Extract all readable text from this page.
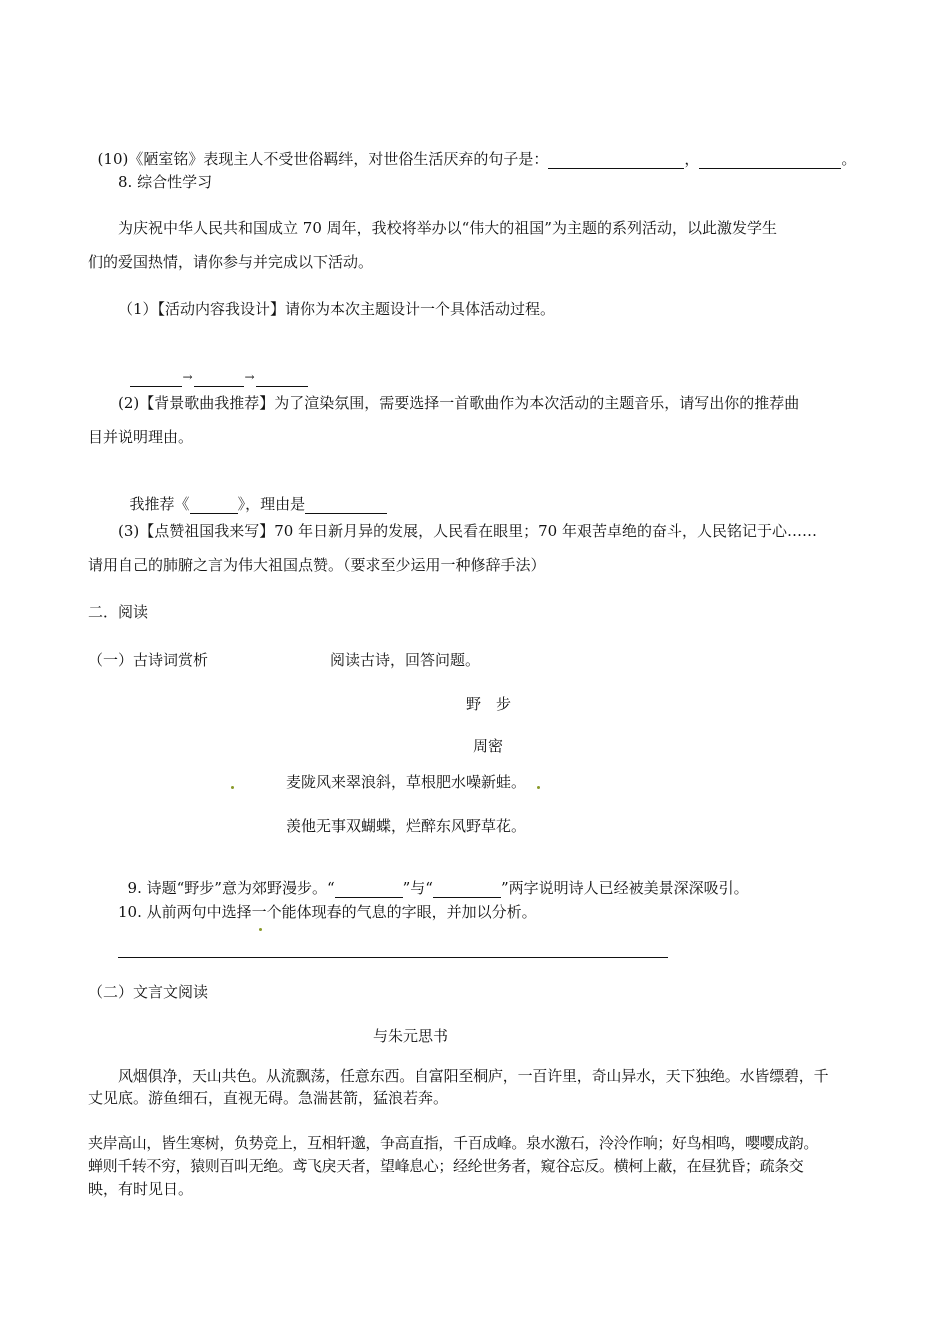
(10)《陋室铭》表现主人不受世俗羁绊，对世俗生活厌弃的句子是：	，	。

8. 综合性学习
为庆祝中华人民共和国成立 70 周年，我校将举办以“伟大的祖国”为主题的系列活动，以此激发学生
们的爱国热情，请你参与并完成以下活动。
（1）【活动内容我设计】请你为本次主题设计一个具体活动过程。

→	→

(2)【背景歌曲我推荐】为了渲染氛围，需要选择一首歌曲作为本次活动的主题音乐，请写出你的推荐曲
目并说明理由。

我推荐《	》，理由是

(3)【点赞祖国我来写】70 年日新月异的发展，人民看在眼里；70 年艰苦卓绝的奋斗，人民铭记于心……
请用自己的肺腑之言为伟大祖国点赞。（要求至少运用一种修辞手法）
二．阅读
（一）古诗词赏析	阅读古诗，回答问题。
野　步
周密
麦陇风来翠浪斜，草根肥水噪新蛙。
羡他无事双蝴蝶，烂醉东风野草花。

9. 诗题“野步”意为郊野漫步。“	”与“	”两字说明诗人已经被美景深深吸引。

10. 从前两句中选择一个能体现春的气息的字眼，并加以分析。
（二）文言文阅读
与朱元思书
风烟俱净，天山共色。从流飘荡，任意东西。自富阳至桐庐，一百许里，奇山异水，天下独绝。水皆缥碧，千
丈见底。游鱼细石，直视无碍。急湍甚箭，猛浪若奔。
夹岸高山，皆生寒树，负势竞上，互相轩邈，争高直指，千百成峰。泉水激石，泠泠作响；好鸟相鸣，嘤嘤成韵。
蝉则千转不穷，猿则百叫无绝。鸢飞戾天者，望峰息心；经纶世务者，窥谷忘反。横柯上蔽，在昼犹昏；疏条交
映，有时见日。
